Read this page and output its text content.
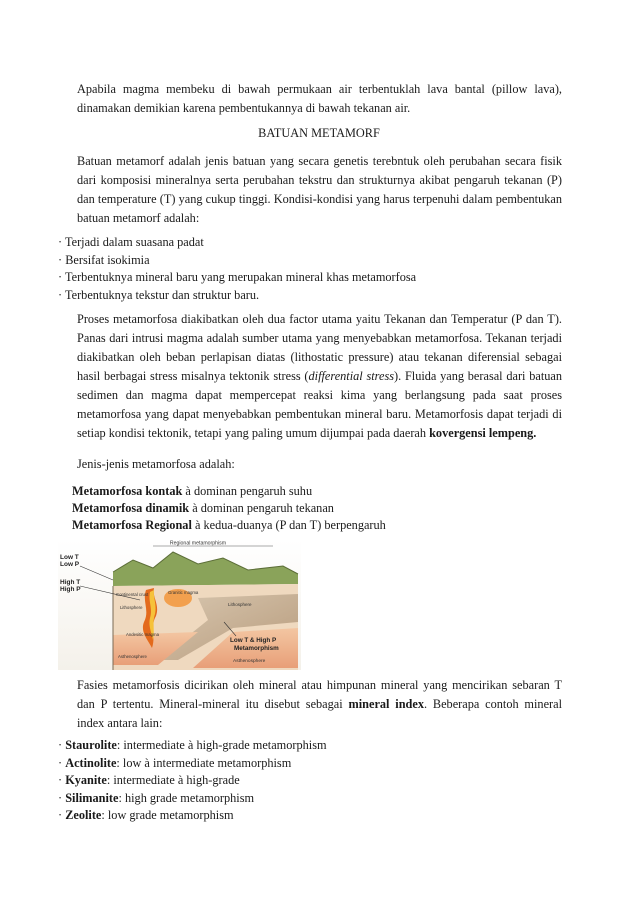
Apabila magma membeku di bawah permukaan air terbentuklah lava bantal (pillow lava), dinamakan demikian karena pembentukannya di bawah tekanan air.

BATUAN METAMORF

Batuan metamorf adalah jenis batuan yang secara genetis terebntuk oleh perubahan secara fisik dari komposisi mineralnya serta perubahan tekstru dan strukturnya akibat pengaruh tekanan (P) dan temperature (T) yang cukup tinggi. Kondisi-kondisi yang harus terpenuhi dalam pembentukan batuan metamorf adalah:

· Terjadi dalam suasana padat
· Bersifat isokimia
· Terbentuknya mineral baru yang merupakan mineral khas metamorfosa
· Terbentuknya tekstur dan struktur baru.

Proses metamorfosa diakibatkan oleh dua factor utama yaitu Tekanan dan Temperatur (P dan T). Panas dari intrusi magma adalah sumber utama yang menyebabkan metamorfosa. Tekanan terjadi diakibatkan oleh beban perlapisan diatas (lithostatic pressure) atau tekanan diferensial sebagai hasil berbagai stress misalnya tektonik stress (differential stress). Fluida yang berasal dari batuan sedimen dan magma dapat mempercepat reaksi kima yang berlangsung pada saat proses metamorfosa yang dapat menyebabkan pembentukan mineral baru. Metamorfosis dapat terjadi di setiap kondisi tektonik, tetapi yang paling umum dijumpai pada daerah kovergensi lempeng.

Jenis-jenis metamorfosa adalah:

Metamorfosa kontak à dominan pengaruh suhu
Metamorfosa dinamik à dominan pengaruh tekanan
Metamorfosa Regional à kedua-duanya (P dan T) berpengaruh
Regional metamorphism
Low T
Low P
High T
High P
Continental crust
Lithosphere
Granitic magma
Lithosphere
Andesitic magma
Asthenosphere
Asthenosphere
Low T & High P
Metamorphism

Fasies metamorfosis dicirikan oleh mineral atau himpunan mineral yang mencirikan sebaran T dan P tertentu. Mineral-mineral itu disebut sebagai mineral index. Beberapa contoh mineral index antara lain:

· Staurolite: intermediate à high-grade metamorphism
· Actinolite: low à intermediate metamorphism
· Kyanite: intermediate à high-grade
· Silimanite: high grade metamorphism
· Zeolite: low grade metamorphism
